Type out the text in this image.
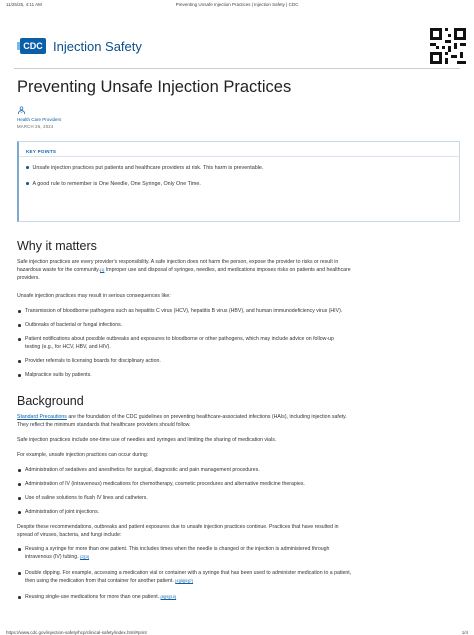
11/25/25, 4:11 AM	Preventing Unsafe Injection Practices | Injection Safety | CDC
CDC Injection Safety
Preventing Unsafe Injection Practices
Health Care Providers
MARCH 26, 2024
KEY POINTS
Unsafe injection practices put patients and healthcare providers at risk. This harm is preventable.
A good rule to remember is One Needle, One Syringe, Only One Time.
Why it matters

Safe injection practices are every provider's responsibility. A safe injection does not harm the person, expose the provider to risks or result in
hazardous waste for the community.[1] Improper use and disposal of syringes, needles, and medications imposes risks on patients and healthcare
providers.

Unsafe injection practices may result in serious consequences like:

Transmission of bloodborne pathogens such as hepatitis C virus (HCV), hepatitis B virus (HBV), and human immunodeficiency virus (HIV).
Outbreaks of bacterial or fungal infections.
Patient notifications about possible outbreaks and exposures to bloodborne or other pathogens, which may include advice on follow-up
testing (e.g., for HCV, HBV, and HIV).
Provider referrals to licensing boards for disciplinary action.
Malpractice suits by patients.
Background

Standard Precautions are the foundation of the CDC guidelines on preventing healthcare-associated infections (HAIs), including injection safety.
They reflect the minimum standards that healthcare providers should follow.

Safe injection practices include one-time use of needles and syringes and limiting the sharing of medication vials.

For example, unsafe injection practices can occur during:

Administration of sedatives and anesthetics for surgical, diagnostic and pain management procedures.
Administration of IV (intravenous) medications for chemotherapy, cosmetic procedures and alternative medicine therapies.
Use of saline solutions to flush IV lines and catheters.
Administration of joint injections.

Despite these recommendations, outbreaks and patient exposures due to unsafe injection practices continue. Practices that have resulted in
spread of viruses, bacteria, and fungi include:

Reusing a syringe for more than one patient. This includes times when the needle is changed or the injection is administered through
intravenous (IV) tubing. [2][3]
Double dipping. For example, accessing a medication vial or container with a syringe that has been used to administer medication to a patient,
then using the medication from that container for another patient. [4][5][6][7]
Reusing single-use medications for more than one patient. [8][9][10]
https://www.cdc.gov/injection-safety/hcp/clinical-safety/index.html#print	1/4
